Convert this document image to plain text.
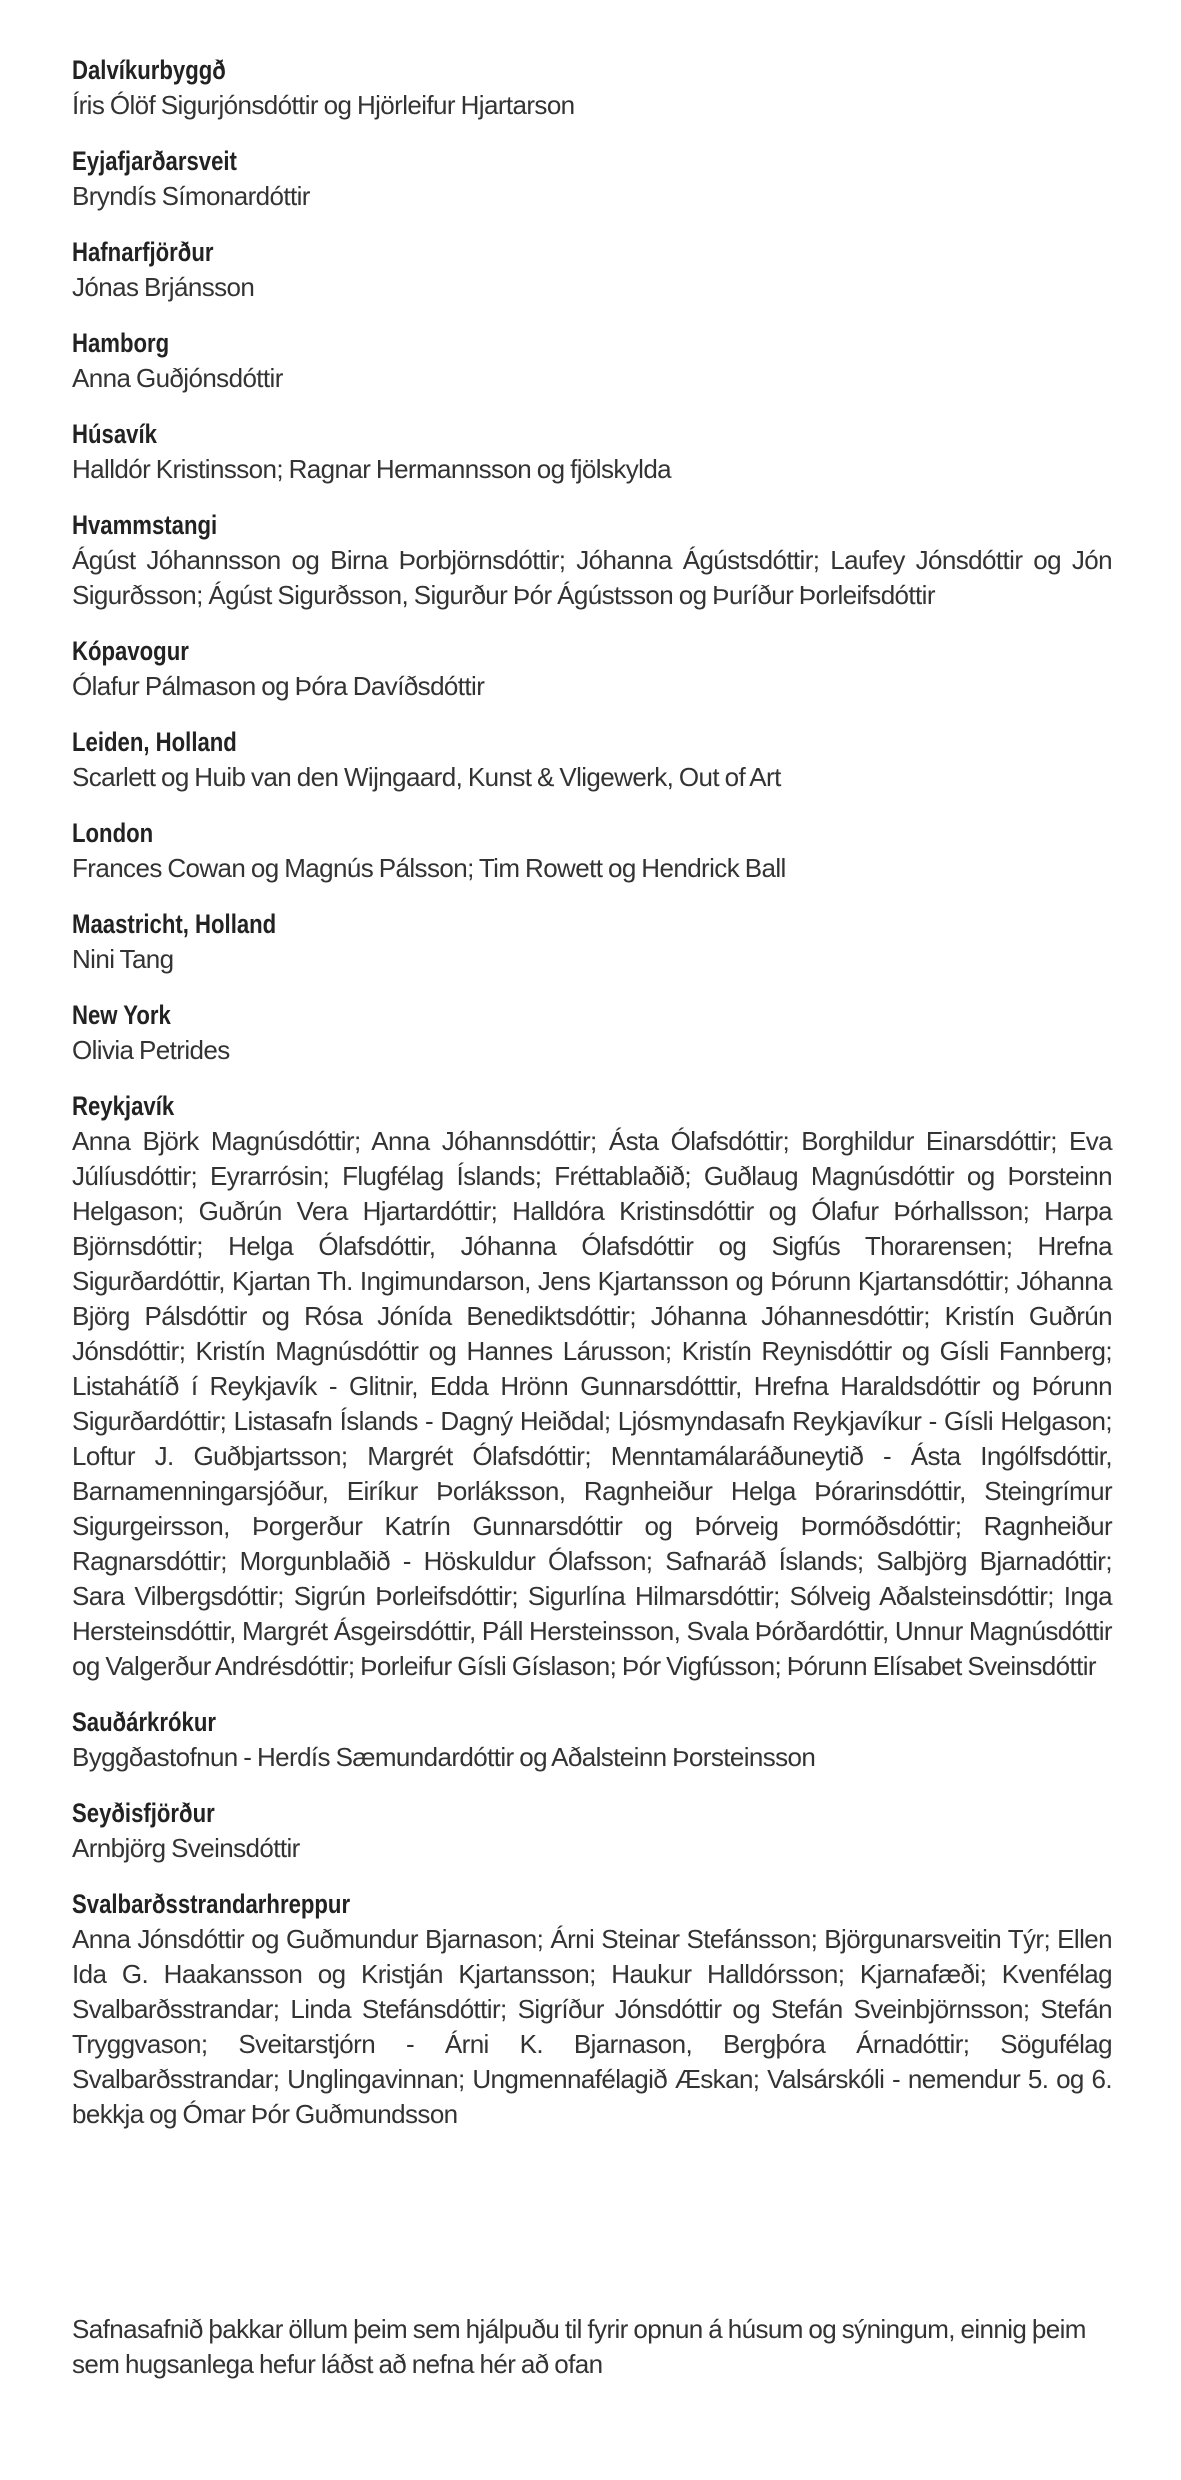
Dalvíkurbyggð
Íris Ólöf Sigurjónsdóttir og Hjörleifur Hjartarson
Eyjafjarðarsveit
Bryndís Símonardóttir
Hafnarfjörður
Jónas Brjánsson
Hamborg
Anna Guðjónsdóttir
Húsavík
Halldór Kristinsson; Ragnar Hermannsson og fjölskylda
Hvammstangi
Ágúst Jóhannsson og Birna Þorbjörnsdóttir; Jóhanna Ágústsdóttir; Laufey Jónsdóttir og Jón Sigurðsson; Ágúst Sigurðsson, Sigurður Þór Ágústsson og Þuríður Þorleifsdóttir
Kópavogur
Ólafur Pálmason og Þóra Davíðsdóttir
Leiden, Holland
Scarlett og Huib van den Wijngaard, Kunst & Vligewerk, Out of Art
London
Frances Cowan og Magnús Pálsson; Tim Rowett og Hendrick Ball
Maastricht, Holland
Nini Tang
New York
Olivia Petrides
Reykjavík
Anna Björk Magnúsdóttir; Anna Jóhannsdóttir; Ásta Ólafsdóttir; Borghildur Einarsdóttir; Eva Júlíusdóttir; Eyrarrósin; Flugfélag Íslands; Fréttablaðið; Guðlaug Magnúsdóttir og Þorsteinn Helgason; Guðrún Vera Hjartardóttir; Halldóra Kristinsdóttir og Ólafur Þórhallsson; Harpa Björnsdóttir; Helga Ólafsdóttir, Jóhanna Ólafsdóttir og Sigfús Thorarensen; Hrefna Sigurðardóttir, Kjartan Th. Ingimundarson, Jens Kjartansson og Þórunn Kjartansdóttir; Jóhanna Björg Pálsdóttir og Rósa Jónída Benediktsdóttir; Jóhanna Jóhannesdóttir; Kristín Guðrún Jónsdóttir; Kristín Magnúsdóttir og Hannes Lárusson; Kristín Reynisdóttir og Gísli Fannberg; Listahátíð í Reykjavík - Glitnir, Edda Hrönn Gunnarsdótttir, Hrefna Haraldsdóttir og Þórunn Sigurðardóttir; Listasafn Íslands - Dagný Heiðdal; Ljósmyndasafn Reykjavíkur - Gísli Helgason; Loftur J. Guðbjartsson; Margrét Ólafsdóttir; Menntamálaráðuneytið - Ásta Ingólfsdóttir, Barnamenningarsjóður, Eiríkur Þorláksson, Ragnheiður Helga Þórarinsdóttir, Steingrímur Sigurgeirsson, Þorgerður Katrín Gunnarsdóttir og Þórveig Þormóðsdóttir; Ragnheiður Ragnarsdóttir; Morgunblaðið - Höskuldur Ólafsson; Safnaráð Íslands; Salbjörg Bjarnadóttir; Sara Vilbergsdóttir; Sigrún Þorleifsdóttir; Sigurlína Hilmarsdóttir; Sólveig Aðalsteinsdóttir; Inga Hersteinsdóttir, Margrét Ásgeirsdóttir, Páll Hersteinsson, Svala Þórðardóttir, Unnur Magnúsdóttir og Valgerður Andrésdóttir; Þorleifur Gísli Gíslason; Þór Vigfússon; Þórunn Elísabet Sveinsdóttir
Sauðárkrókur
Byggðastofnun - Herdís Sæmundardóttir og Aðalsteinn Þorsteinsson
Seyðisfjörður
Arnbjörg Sveinsdóttir
Svalbarðsstrandarhreppur
Anna Jónsdóttir og Guðmundur Bjarnason; Árni Steinar Stefánsson; Björgunarsveitin Týr; Ellen Ida G. Haakansson og Kristján Kjartansson; Haukur Halldórsson; Kjarnafæði; Kvenfélag Svalbarðsstrandar; Linda Stefánsdóttir; Sigríður Jónsdóttir og Stefán Sveinbjörnsson; Stefán Tryggvason; Sveitarstjórn - Árni K. Bjarnason, Bergþóra Árnadóttir; Sögufélag Svalbarðsstrandar; Unglingavinnan; Ungmennafélagið Æskan; Valsárskóli - nemendur 5. og 6. bekkja og Ómar Þór Guðmundsson
Safnasafnið þakkar öllum þeim sem hjálpuðu til fyrir opnun á húsum og sýningum, einnig þeim sem hugsanlega hefur láðst að nefna hér að ofan
